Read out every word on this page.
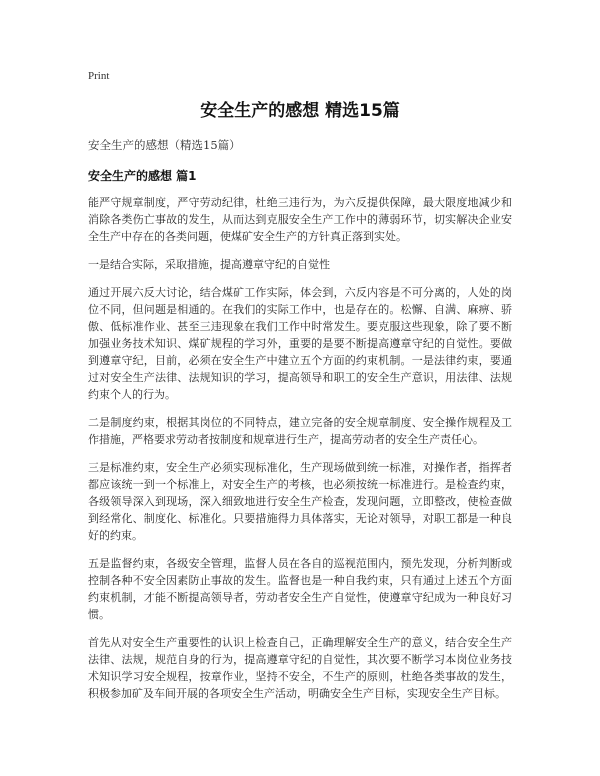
Print
安全生产的感想 精选15篇

安全生产的感想（精选15篇）

安全生产的感想 篇1

能严守规章制度，严守劳动纪律，杜绝三违行为，为六反提供保障，最大限度地减少和消除各类伤亡事故的发生，从而达到克服安全生产工作中的薄弱环节，切实解决企业安全生产中存在的各类问题，使煤矿安全生产的方针真正落到实处。

一是结合实际，采取措施，提高遵章守纪的自觉性

通过开展六反大讨论，结合煤矿工作实际，体会到，六反内容是不可分离的，人处的岗位不同，但问题是相通的。在我们的实际工作中，也是存在的。松懈、自满、麻痹、骄傲、低标准作业、甚至三违现象在我们工作中时常发生。要克服这些现象，除了要不断加强业务技术知识、煤矿规程的学习外，重要的是要不断提高遵章守纪的自觉性。要做到遵章守纪，目前，必须在安全生产中建立五个方面的约束机制。一是法律约束，要通过对安全生产法律、法规知识的学习，提高领导和职工的安全生产意识，用法律、法规约束个人的行为。

二是制度约束，根据其岗位的不同特点，建立完备的安全规章制度、安全操作规程及工作措施，严格要求劳动者按制度和规章进行生产，提高劳动者的安全生产责任心。

三是标准约束，安全生产必须实现标准化，生产现场做到统一标准，对操作者，指挥者都应该统一到一个标准上，对安全生产的考核，也必须按统一标准进行。是检查约束，各级领导深入到现场，深入细致地进行安全生产检查，发现问题，立即整改，使检查做到经常化、制度化、标准化。只要措施得力具体落实，无论对领导，对职工都是一种良好的约束。

五是监督约束，各级安全管理，监督人员在各自的巡视范围内，预先发现，分析判断或控制各种不安全因素防止事故的发生。监督也是一种自我约束，只有通过上述五个方面约束机制，才能不断提高领导者，劳动者安全生产自觉性，使遵章守纪成为一种良好习惯。

首先从对安全生产重要性的认识上检查自己，正确理解安全生产的意义，结合安全生产法律、法规，规范自身的行为，提高遵章守纪的自觉性，其次要不断学习本岗位业务技术知识学习安全规程，按章作业，坚持不安全，不生产的原则，杜绝各类事故的发生，积极参加矿及车间开展的各项安全生产活动，明确安全生产目标，实现安全生产目标。
